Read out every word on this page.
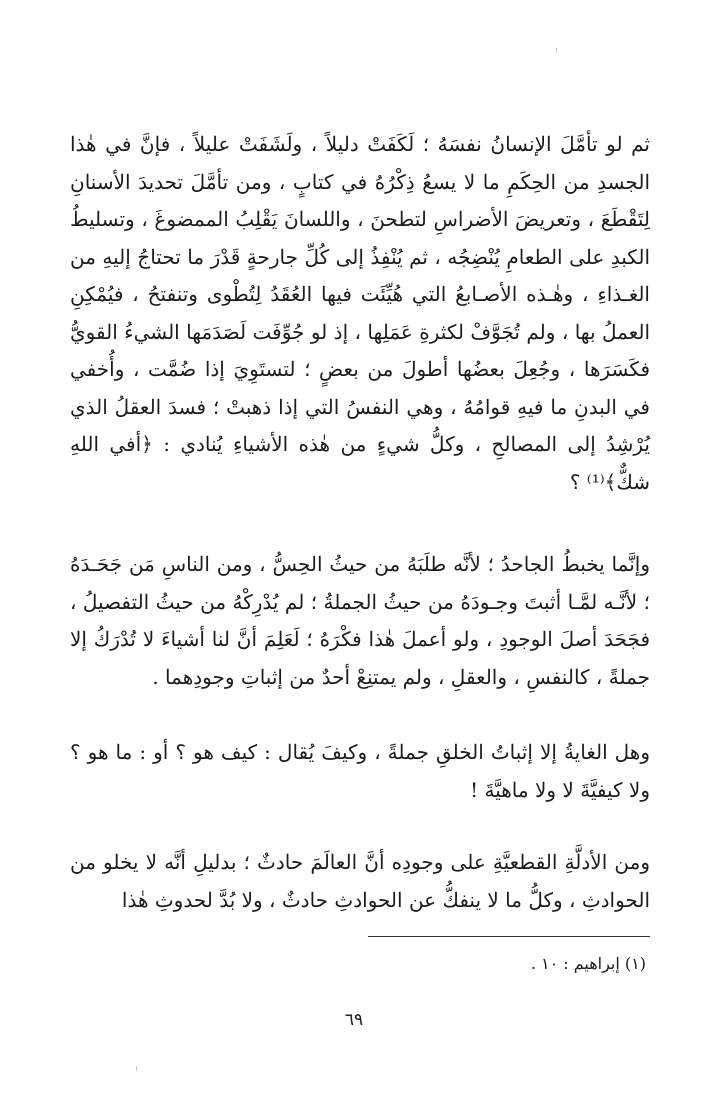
ثم لو تأمَّلَ الإنسانُ نفسَهُ ؛ لَكَفَتْ دليلاً ، ولَشَفَتْ عليلاً ، فإنَّ في هٰذا الجسدِ من الحِكَمِ ما لا يسعُ ذِكْرُهُ في كتابٍ ، ومن تأمَّلَ تحديدَ الأسنانِ لِتَقْطَعَ ، وتعريضَ الأضراسِ لتطحنَ ، واللسانَ يَقْلِبُ الممضوغَ ، وتسليطُ الكبدِ على الطعامِ يُنْضِجُه ، ثم يُنْفِذُ إلى كُلِّ جارحةٍ قَدْرَ ما تحتاجُ إليهِ من الغـذاءِ ، وهٰـذه الأصـابعُ التي هُيِّئَت فيها العُقَدُ لِتُطْوى وتنفتحُ ، فيُمْكِنِ العملُ بها ، ولم تُجَوَّفْ لكثرةِ عَمَلِها ، إذ لو جُوِّفَت لَصَدَمَها الشيءُ القويُّ فكَسَرَها ، وجُعِلَ بعضُها أطولَ من بعضٍ ؛ لتستَوِيَ إذا ضُمَّت ، وأُخفي في البدنِ ما فيهِ قوامُهُ ، وهي النفسُ التي إذا ذهبتْ ؛ فسدَ العقلُ الذي يُرْشِدُ إلى المصالحِ ، وكلُّ شيءٍ من هٰذه الأشياءِ يُنادي : ﴿أفي اللهِ شكٌّ﴾⁽¹⁾ ؟

وإنَّما يخبطُ الجاحدُ ؛ لأنَّه طلَبَهُ من حيثُ الحِسُّ ، ومن الناسِ مَن جَحَـدَهُ ؛ لأنَّـه لمَّـا أثبتَ وجـودَهُ من حيثُ الجملةُ ؛ لم يُدْرِكْهُ من حيثُ التفصيلُ ، فجَحَدَ أصلَ الوجودِ ، ولو أعملَ هٰذا فكْرَهُ ؛ لَعَلِمَ أنَّ لنا أشياءَ لا تُدْرَكُ إلا جملةً ، كالنفسِ ، والعقلِ ، ولم يمتنِعْ أحدٌ من إثباتِ وجودِهما .

وهل الغايةُ إلا إثباتُ الخلقِ جملةً ، وكيفَ يُقال : كيف هو ؟ أو : ما هو ؟ ولا كيفيَّةَ لا ولا ماهيَّةَ !

ومن الأدلَّةِ القطعيَّةِ على وجودِه أنَّ العالَمَ حادثٌ ؛ بدليلِ أنَّه لا يخلو من الحوادثِ ، وكلُّ ما لا ينفكُّ عن الحوادثِ حادثٌ ، ولا بُدَّ لحدوثِ هٰذا

(١) إبراهيم : ١٠ .
٦٩
